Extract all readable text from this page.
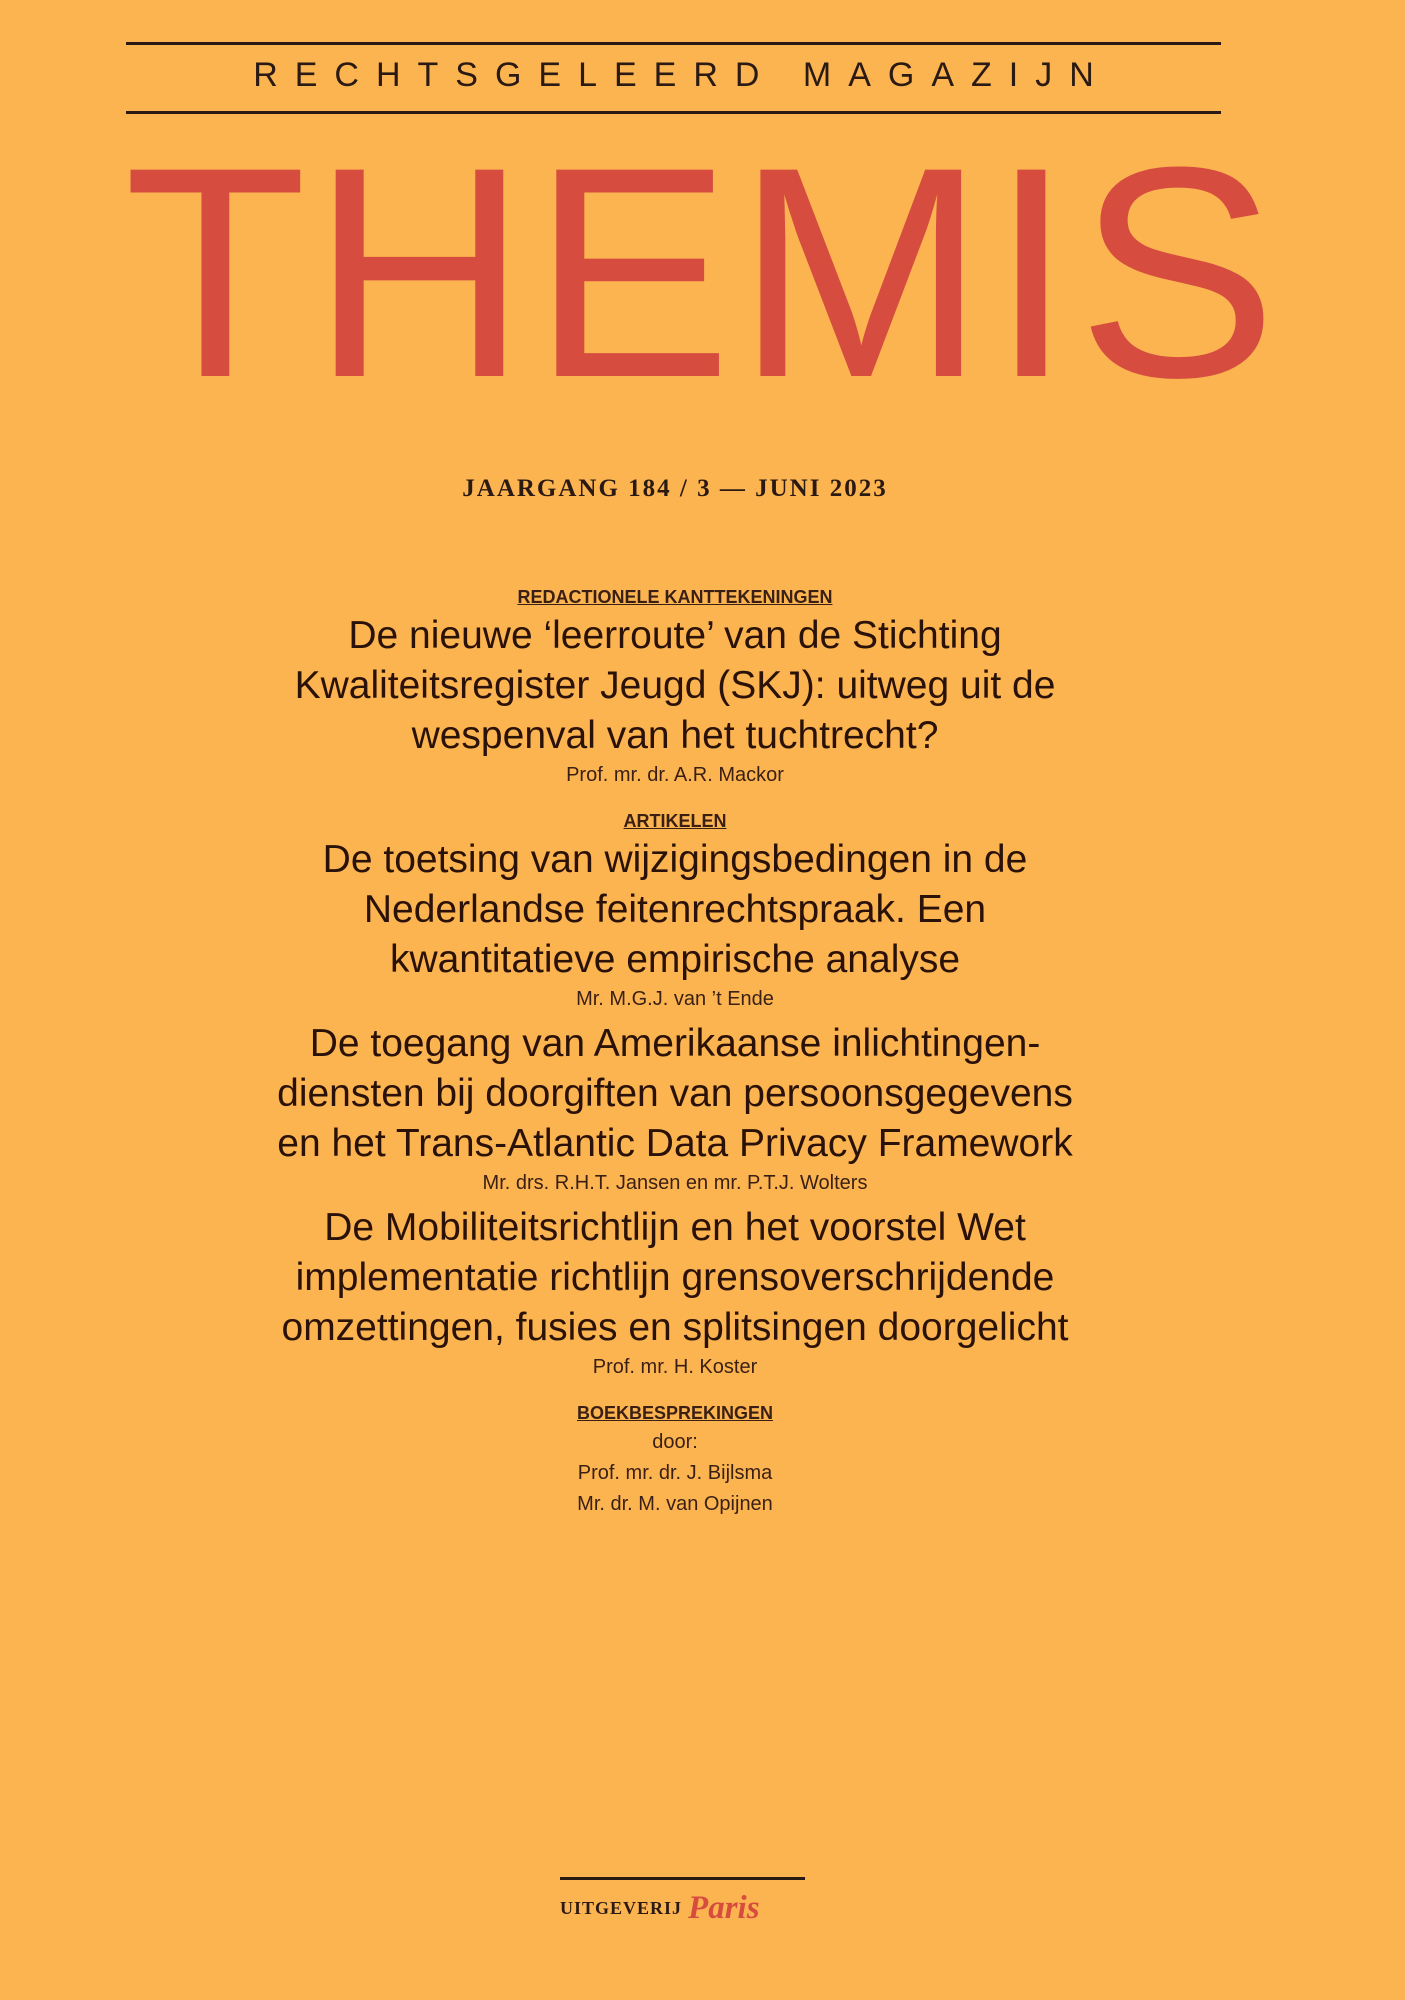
RECHTSGELEERD MAGAZIJN
THEMIS
JAARGANG 184 / 3 — JUNI 2023
REDACTIONELE KANTTEKENINGEN
De nieuwe ‘leerroute’ van de Stichting
Kwaliteitsregister Jeugd (SKJ): uitweg uit de
wespenval van het tuchtrecht?
Prof. mr. dr. A.R. Mackor
ARTIKELEN
De toetsing van wijzigingsbedingen in de
Nederlandse feitenrechtspraak. Een
kwantitatieve empirische analyse
Mr. M.G.J. van ’t Ende
De toegang van Amerikaanse inlichtingen-
diensten bij doorgiften van persoonsgegevens
en het Trans-Atlantic Data Privacy Framework
Mr. drs. R.H.T. Jansen en mr. P.T.J. Wolters
De Mobiliteitsrichtlijn en het voorstel Wet
implementatie richtlijn grensoverschrijdende
omzettingen, fusies en splitsingen doorgelicht
Prof. mr. H. Koster
BOEKBESPREKINGEN
door:
Prof. mr. dr. J. Bijlsma
Mr. dr. M. van Opijnen
UITGEVERIJ Paris
